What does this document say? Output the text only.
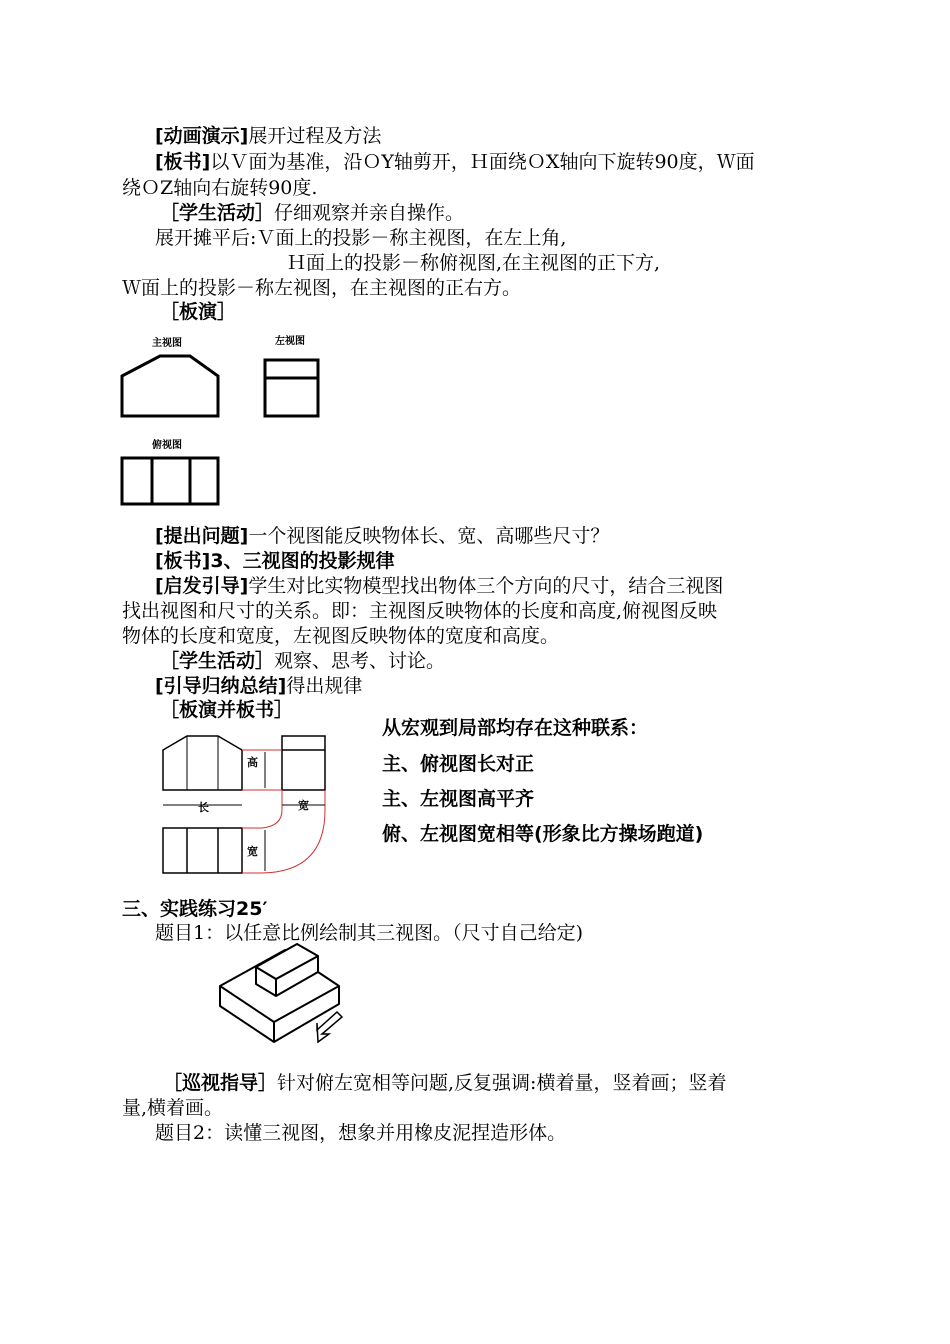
[动画演示]展开过程及方法
[板书]以Ｖ面为基准，沿ＯY轴剪开，Ｈ面绕ＯX轴向下旋转90度，Ｗ面
绕ＯZ轴向右旋转90度.
［学生活动］仔细观察并亲自操作。
展开摊平后:Ｖ面上的投影－称主视图，在左上角,
Ｈ面上的投影－称俯视图,在主视图的正下方,
Ｗ面上的投影－称左视图，在主视图的正右方。
［板演］
主视图	左视图
俯视图
[提出问题]一个视图能反映物体长、宽、高哪些尺寸？
[板书]3、三视图的投影规律
[启发引导]学生对比实物模型找出物体三个方向的尺寸，结合三视图
找出视图和尺寸的关系。即：主视图反映物体的长度和高度,俯视图反映
物体的长度和宽度，左视图反映物体的宽度和高度。
［学生活动］观察、思考、讨论。
[引导归纳总结]得出规律
［板演并板书］
高
长	宽
宽
从宏观到局部均存在这种联系：
主、俯视图长对正
主、左视图高平齐
俯、左视图宽相等(形象比方操场跑道)
三、实践练习25′
题目1：以任意比例绘制其三视图。（尺寸自己给定)
［巡视指导］针对俯左宽相等问题,反复强调:横着量，竖着画；竖着
量,横着画。
题目2：读懂三视图，想象并用橡皮泥捏造形体。
